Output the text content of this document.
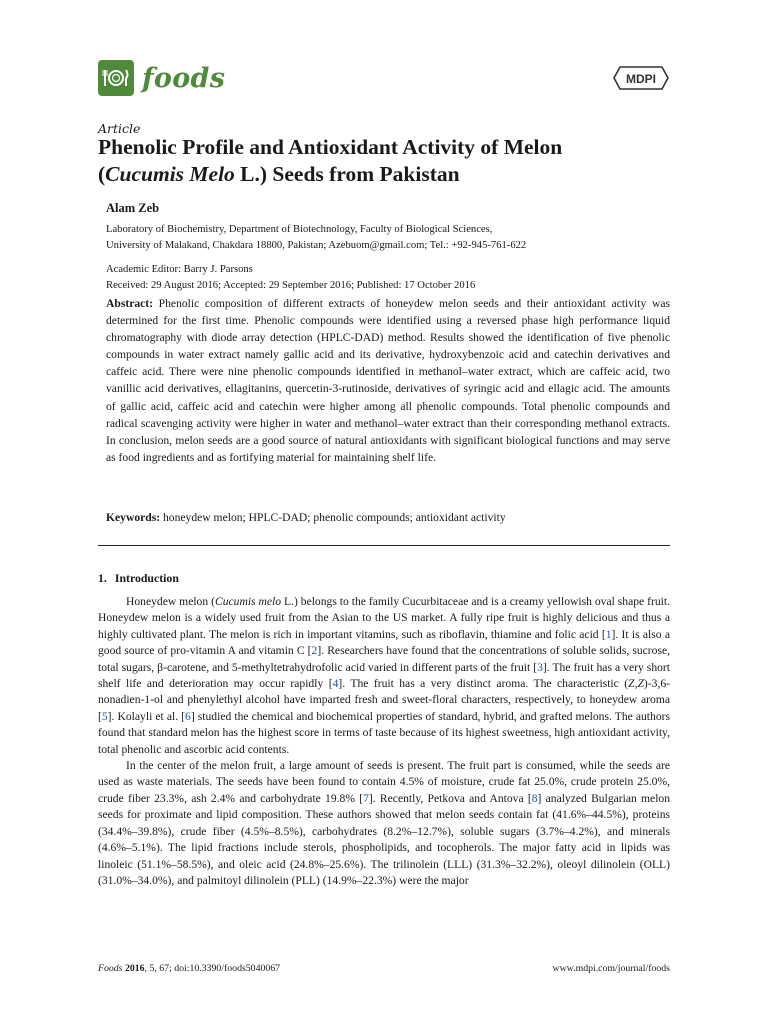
foods	MDPI
Article
Phenolic Profile and Antioxidant Activity of Melon
(Cucumis Melo L.) Seeds from Pakistan
Alam Zeb
Laboratory of Biochemistry, Department of Biotechnology, Faculty of Biological Sciences,
University of Malakand, Chakdara 18800, Pakistan; Azebuom@gmail.com; Tel.: +92-945-761-622
Academic Editor: Barry J. Parsons
Received: 29 August 2016; Accepted: 29 September 2016; Published: 17 October 2016
Abstract: Phenolic composition of different extracts of honeydew melon seeds and their antioxidant activity was determined for the first time. Phenolic compounds were identified using a reversed phase high performance liquid chromatography with diode array detection (HPLC-DAD) method. Results showed the identification of five phenolic compounds in water extract namely gallic acid and its derivative, hydroxybenzoic acid and catechin derivatives and caffeic acid. There were nine phenolic compounds identified in methanol–water extract, which are caffeic acid, two vanillic acid derivatives, ellagitanins, quercetin-3-rutinoside, derivatives of syringic acid and ellagic acid. The amounts of gallic acid, caffeic acid and catechin were higher among all phenolic compounds. Total phenolic compounds and radical scavenging activity were higher in water and methanol–water extract than their corresponding methanol extracts. In conclusion, melon seeds are a good source of natural antioxidants with significant biological functions and may serve as food ingredients and as fortifying material for maintaining shelf life.
Keywords: honeydew melon; HPLC-DAD; phenolic compounds; antioxidant activity
1. Introduction

Honeydew melon (Cucumis melo L.) belongs to the family Cucurbitaceae and is a creamy yellowish oval shape fruit. Honeydew melon is a widely used fruit from the Asian to the US market. A fully ripe fruit is highly delicious and thus a highly cultivated plant. The melon is rich in important vitamins, such as riboflavin, thiamine and folic acid [1]. It is also a good source of pro-vitamin A and vitamin C [2]. Researchers have found that the concentrations of soluble solids, sucrose, total sugars, β-carotene, and 5-methyltetrahydrofolic acid varied in different parts of the fruit [3]. The fruit has a very short shelf life and deterioration may occur rapidly [4]. The fruit has a very distinct aroma. The characteristic (Z,Z)-3,6-nonadien-1-ol and phenylethyl alcohol have imparted fresh and sweet-floral characters, respectively, to honeydew aroma [5]. Kolayli et al. [6] studied the chemical and biochemical properties of standard, hybrid, and grafted melons. The authors found that standard melon has the highest score in terms of taste because of its highest sweetness, high antioxidant activity, total phenolic and ascorbic acid contents.

In the center of the melon fruit, a large amount of seeds is present. The fruit part is consumed, while the seeds are used as waste materials. The seeds have been found to contain 4.5% of moisture, crude fat 25.0%, crude protein 25.0%, crude fiber 23.3%, ash 2.4% and carbohydrate 19.8% [7]. Recently, Petkova and Antova [8] analyzed Bulgarian melon seeds for proximate and lipid composition. These authors showed that melon seeds contain fat (41.6%–44.5%), proteins (34.4%–39.8%), crude fiber (4.5%–8.5%), carbohydrates (8.2%–12.7%), soluble sugars (3.7%–4.2%), and minerals (4.6%–5.1%). The lipid fractions include sterols, phospholipids, and tocopherols. The major fatty acid in lipids was linoleic (51.1%–58.5%), and oleic acid (24.8%–25.6%). The trilinolein (LLL) (31.3%–32.2%), oleoyl dilinolein (OLL) (31.0%–34.0%), and palmitoyl dilinolein (PLL) (14.9%–22.3%) were the major

Foods 2016, 5, 67; doi:10.3390/foods5040067	www.mdpi.com/journal/foods
